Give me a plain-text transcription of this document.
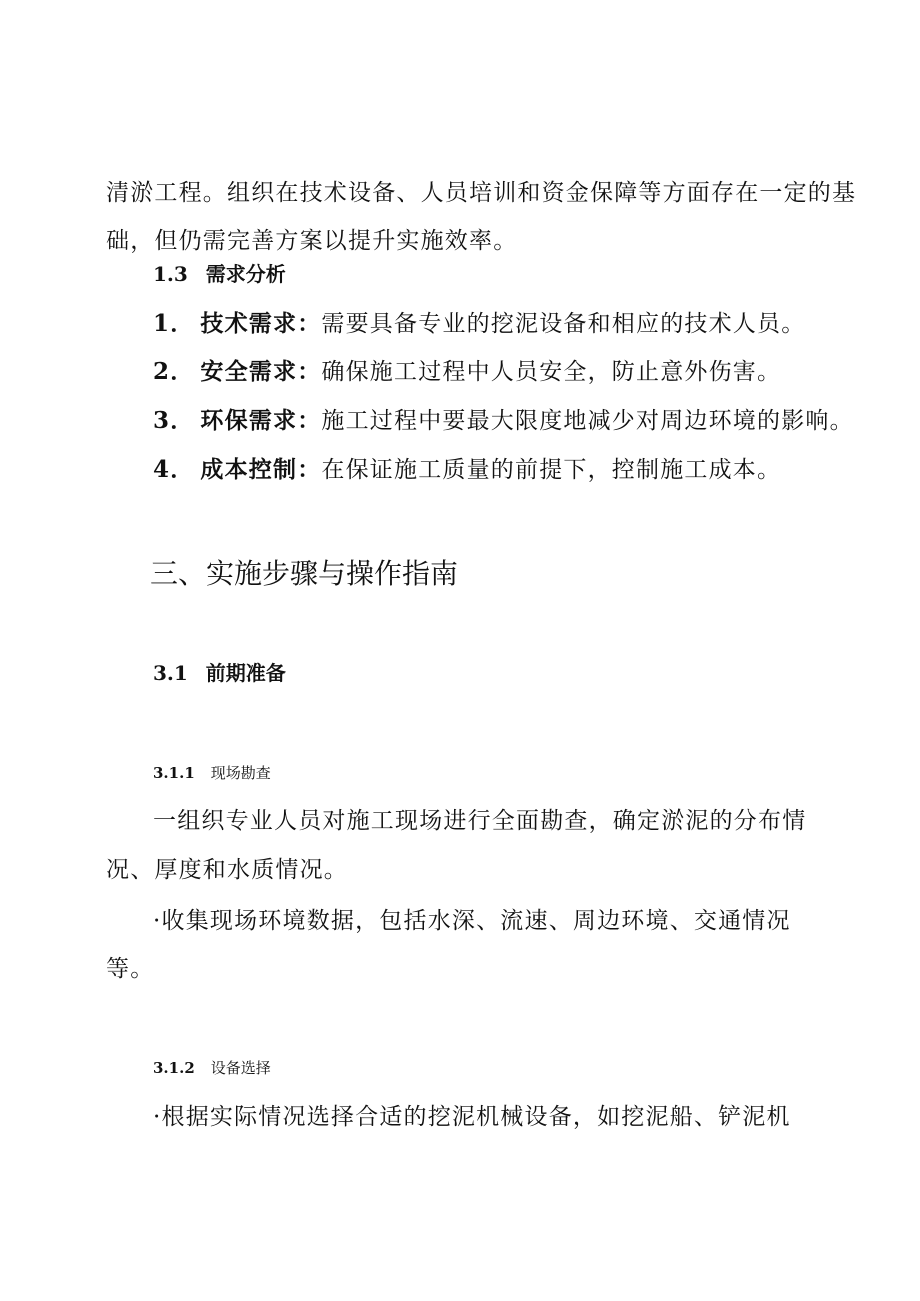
清淤工程。组织在技术设备、人员培训和资金保障等方面存在一定的基
础，但仍需完善方案以提升实施效率。
1.3 需求分析
1． 技术需求：需要具备专业的挖泥设备和相应的技术人员。
2． 安全需求：确保施工过程中人员安全，防止意外伤害。
3． 环保需求：施工过程中要最大限度地减少对周边环境的影响。
4． 成本控制：在保证施工质量的前提下，控制施工成本。
三、实施步骤与操作指南
3.1 前期准备
3.1.1 现场勘查
一组织专业人员对施工现场进行全面勘查，确定淤泥的分布情
况、厚度和水质情况。
·收集现场环境数据，包括水深、流速、周边环境、交通情况
等。
3.1.2 设备选择
·根据实际情况选择合适的挖泥机械设备，如挖泥船、铲泥机
